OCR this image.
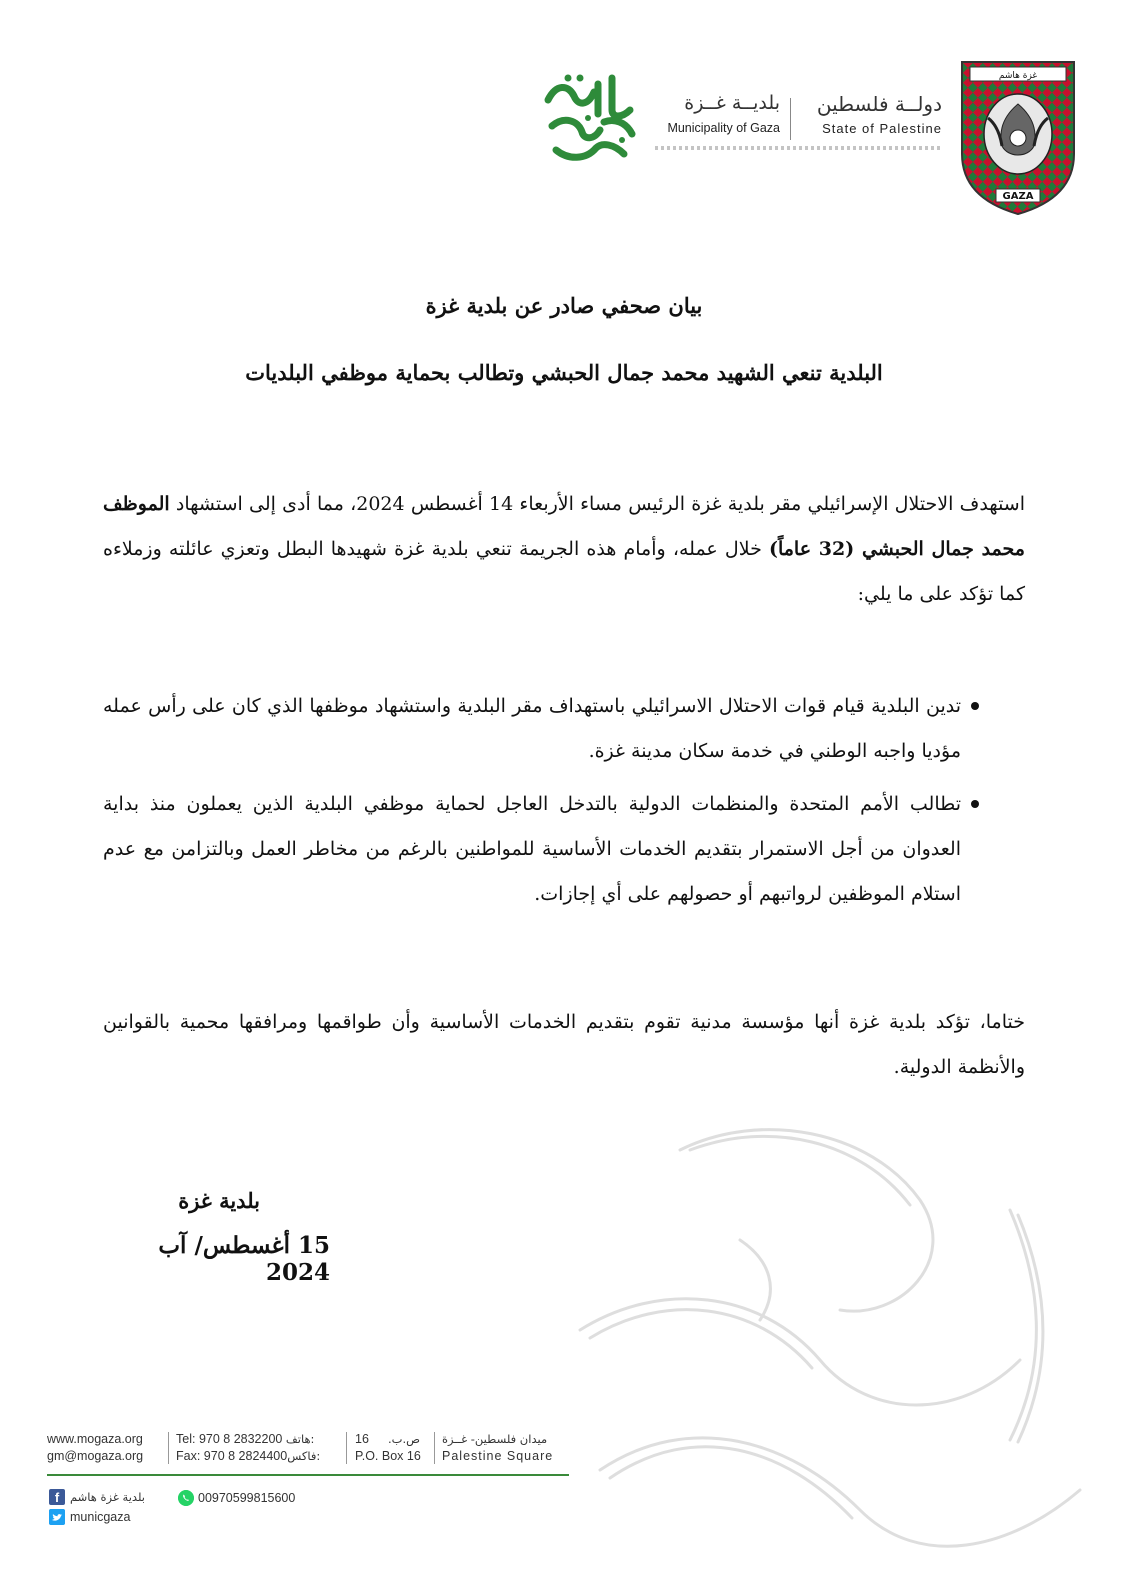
غزة هاشم
GAZA
دولــة فلسطين
State of Palestine
بلديــة غــزة
Municipality of Gaza
بيان صحفي صادر عن بلدية غزة
البلدية تنعي الشهيد محمد جمال الحبشي وتطالب بحماية موظفي البلديات
استهدف الاحتلال الإسرائيلي مقر بلدية غزة الرئيس مساء الأربعاء 14 أغسطس 2024، مما أدى إلى استشهاد الموظف محمد جمال الحبشي (32 عاماً) خلال عمله، وأمام هذه الجريمة تنعي بلدية غزة شهيدها البطل وتعزي عائلته وزملاءه كما تؤكد على ما يلي:
تدين البلدية قيام قوات الاحتلال الاسرائيلي باستهداف مقر البلدية واستشهاد موظفها الذي كان على رأس عمله مؤديا واجبه الوطني في خدمة سكان مدينة غزة.
تطالب الأمم المتحدة والمنظمات الدولية بالتدخل العاجل لحماية موظفي البلدية الذين يعملون منذ بداية العدوان من أجل الاستمرار بتقديم الخدمات الأساسية للمواطنين بالرغم من مخاطر العمل وبالتزامن مع عدم استلام الموظفين لرواتبهم أو حصولهم على أي إجازات.
ختاما، تؤكد بلدية غزة أنها مؤسسة مدنية تقوم بتقديم الخدمات الأساسية وأن طواقمها ومرافقها محمية بالقوانين والأنظمة الدولية.
بلدية غزة
15 أغسطس/ آب 2024
www.mogaza.org
gm@mogaza.org
Tel: 970 8 2832200 هاتف:
Fax: 970 8 2824400فاكس:
16 ص.ب.
P.O. Box 16
ميدان فلسطين- غــزة
Palestine Square
f بلدية غزة هاشم	00970599815600
municgaza
